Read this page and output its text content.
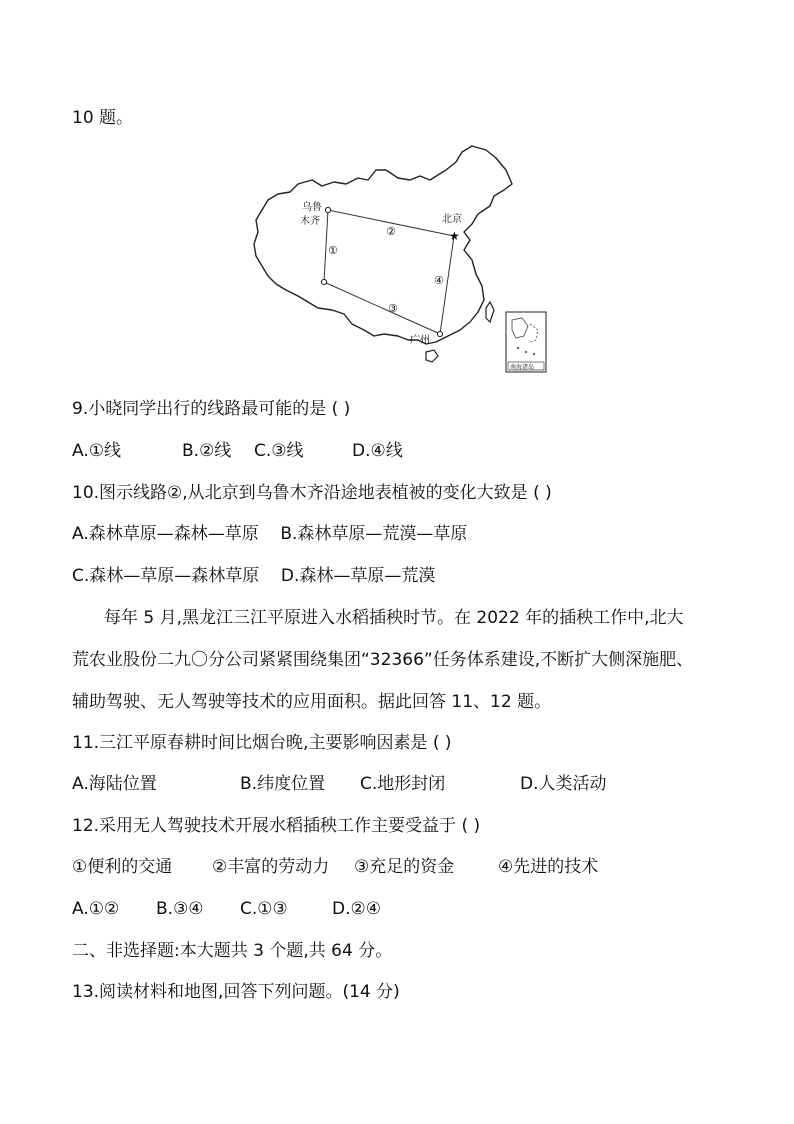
10 题。
★
乌鲁
木齐	北京
广州
①
②
③
④
南海诸岛
9.小晓同学出行的线路最可能的是 ( )
A.①线	B.②线 C.③线	D.④线
10.图示线路②,从北京到乌鲁木齐沿途地表植被的变化大致是 ( )
A.森林草原—森林—草原 B.森林草原—荒漠—草原
C.森林—草原—森林草原 D.森林—草原—荒漠
每年 5 月,黑龙江三江平原进入水稻插秧时节。在 2022 年的插秧工作中,北大
荒农业股份二九〇分公司紧紧围绕集团“32366”任务体系建设,不断扩大侧深施肥、
辅助驾驶、无人驾驶等技术的应用面积。据此回答 11、12 题。
11.三江平原春耕时间比烟台晚,主要影响因素是 ( )
A.海陆位置	B.纬度位置 C.地形封闭	D.人类活动
12.采用无人驾驶技术开展水稻插秧工作主要受益于 ( )
①便利的交通 ②丰富的劳动力 ③充足的资金	④先进的技术
A.①② B.③④ C.①③	D.②④
二、非选择题:本大题共 3 个题,共 64 分。
13.阅读材料和地图,回答下列问题。(14 分)
